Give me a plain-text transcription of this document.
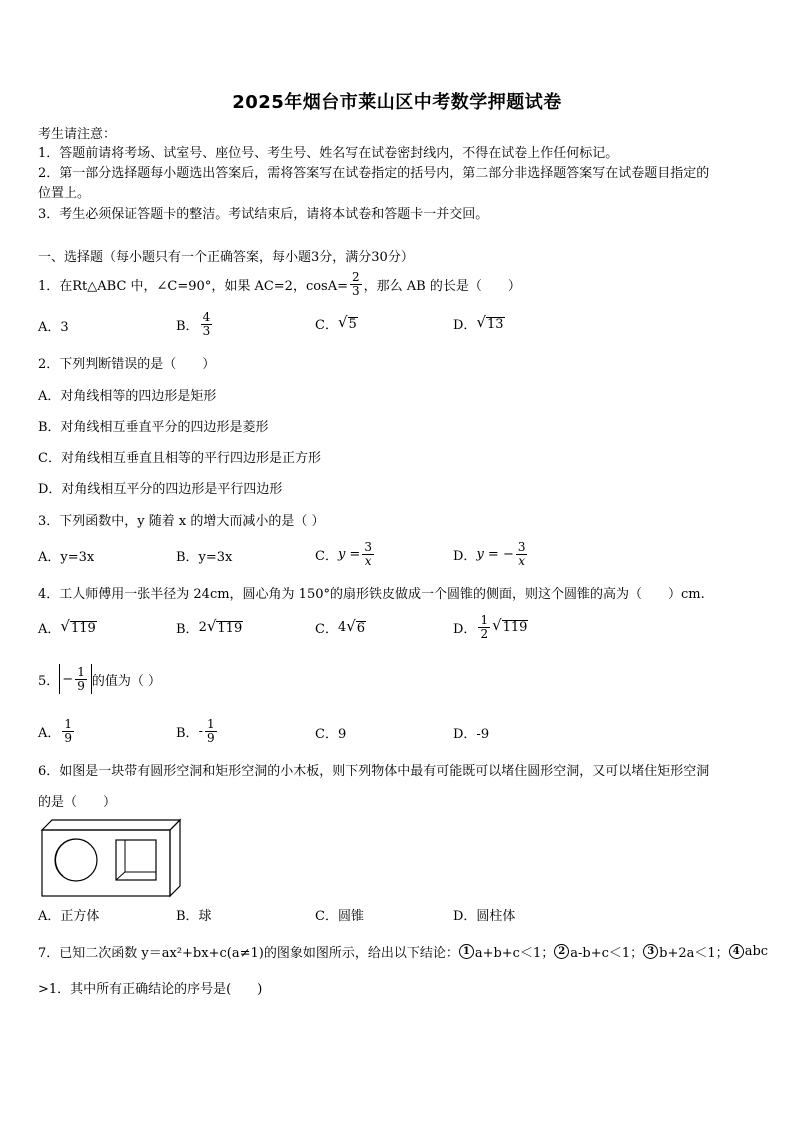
2025年烟台市莱山区中考数学押题试卷
考生请注意：
1．答题前请将考场、试室号、座位号、考生号、姓名写在试卷密封线内，不得在试卷上作任何标记。
2．第一部分选择题每小题选出答案后，需将答案写在试卷指定的括号内，第二部分非选择题答案写在试卷题目指定的
位置上。
3．考生必须保证答题卡的整洁。考试结束后，请将本试卷和答题卡一并交回。
一、选择题（每小题只有一个正确答案，每小题3分，满分30分）
1．在Rt△ABC 中，∠C=90°，如果 AC=2，$\cos A= \frac{2}{3}$ ，那么 AB 的长是（　　）
A．3	B． $\frac{4}{3}$	C． √ 5	D． √ 13
2．下列判断错误的是（　　）
A．对角线相等的四边形是矩形
B．对角线相互垂直平分的四边形是菱形
C．对角线相互垂直且相等的平行四边形是正方形
D．对角线相互平分的四边形是平行四边形
3．下列函数中，y 随着 x 的增大而减小的是（ ）
A．y=3x	B．y=3x	C． $y = \frac{3}{x}$	D． y = − $\frac{3}{x}$
4．工人师傅用一张半径为 24cm，圆心角为 150°的扇形铁皮做成一个圆锥的侧面，则这个圆锥的高为（　　）cm.
A． √ 119	B． 2 √ 119	C． 4 √ 6	D． $\frac{1}{2}$ √ 119
5． − $\frac{1}{9}$ 的值为（ ）
A． $\frac{1}{9}$	B． - $\frac{1}{9}$	C．9	D．-9
6．如图是一块带有圆形空洞和矩形空洞的小木板，则下列物体中最有可能既可以堵住圆形空洞，又可以堵住矩形空洞
的是（　　）
A．正方体	B．球	C．圆锥	D．圆柱体
7．已知二次函数 y＝ax²+bx+c(a≠1)的图象如图所示，给出以下结论： 1 a+b+c＜1； 2 a-b+c＜1； 3 b+2a＜1； 4 abc
>1．其中所有正确结论的序号是(　　)
